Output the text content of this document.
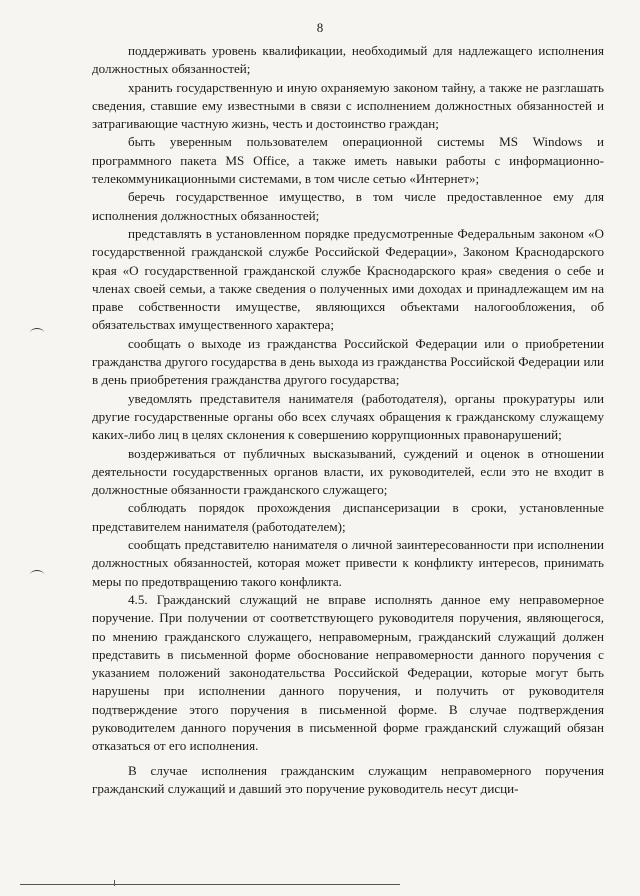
8

поддерживать уровень квалификации, необходимый для надлежащего исполнения должностных обязанностей;

хранить государственную и иную охраняемую законом тайну, а также не разглашать сведения, ставшие ему известными в связи с исполнением должностных обязанностей и затрагивающие частную жизнь, честь и достоинство граждан;

быть уверенным пользователем операционной системы MS Windows и программного пакета MS Office, а также иметь навыки работы с информационно-телекоммуникационными системами, в том числе сетью «Интернет»;

беречь государственное имущество, в том числе предоставленное ему для исполнения должностных обязанностей;

представлять в установленном порядке предусмотренные Федеральным законом «О государственной гражданской службе Российской Федерации», Законом Краснодарского края «О государственной гражданской службе Краснодарского края» сведения о себе и членах своей семьи, а также сведения о полученных ими доходах и принадлежащем им на праве собственности имуществе, являющихся объектами налогообложения, об обязательствах имущественного характера;

сообщать о выходе из гражданства Российской Федерации или о приобретении гражданства другого государства в день выхода из гражданства Российской Федерации или в день приобретения гражданства другого государства;

уведомлять представителя нанимателя (работодателя), органы прокуратуры или другие государственные органы обо всех случаях обращения к гражданскому служащему каких-либо лиц в целях склонения к совершению коррупционных правонарушений;

воздерживаться от публичных высказываний, суждений и оценок в отношении деятельности государственных органов власти, их руководителей, если это не входит в должностные обязанности гражданского служащего;

соблюдать порядок прохождения диспансеризации в сроки, установленные представителем нанимателя (работодателем);

сообщать представителю нанимателя о личной заинтересованности при исполнении должностных обязанностей, которая может привести к конфликту интересов, принимать меры по предотвращению такого конфликта.

4.5. Гражданский служащий не вправе исполнять данное ему неправомерное поручение. При получении от соответствующего руководителя поручения, являющегося, по мнению гражданского служащего, неправомерным, гражданский служащий должен представить в письменной форме обоснование неправомерности данного поручения с указанием положений законодательства Российской Федерации, которые могут быть нарушены при исполнении данного поручения, и получить от руководителя подтверждение этого поручения в письменной форме. В случае подтверждения руководителем данного поручения в письменной форме гражданский служащий обязан отказаться от его исполнения.

В случае исполнения гражданским служащим неправомерного поручения гражданский служащий и давший это поручение руководитель несут дисци-
